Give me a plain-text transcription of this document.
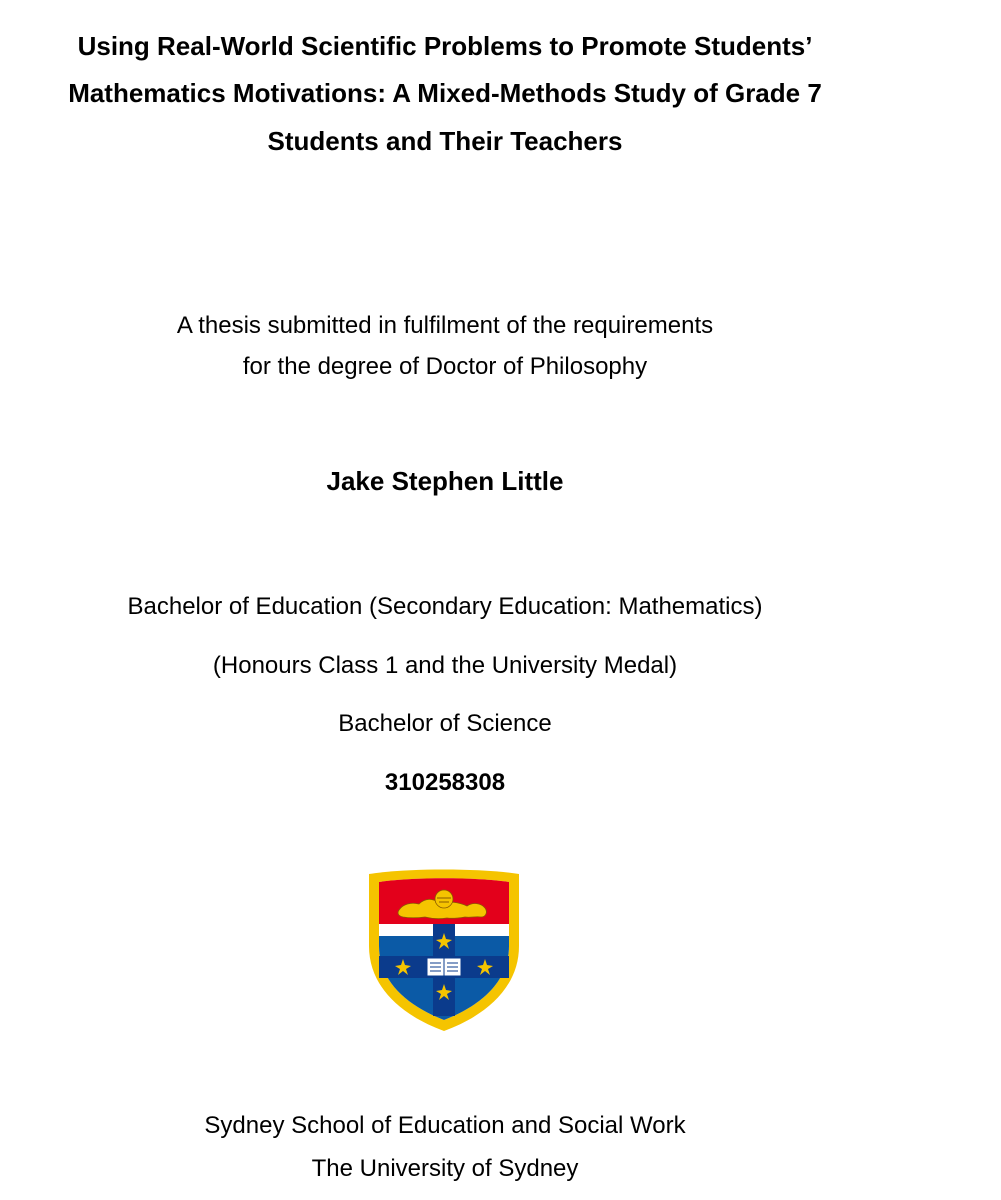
Using Real-World Scientific Problems to Promote Students’
Mathematics Motivations: A Mixed-Methods Study of Grade 7
Students and Their Teachers
A thesis submitted in fulfilment of the requirements
for the degree of Doctor of Philosophy
Jake Stephen Little
Bachelor of Education (Secondary Education: Mathematics)
(Honours Class 1 and the University Medal)
Bachelor of Science
310258308
Sydney School of Education and Social Work
The University of Sydney
